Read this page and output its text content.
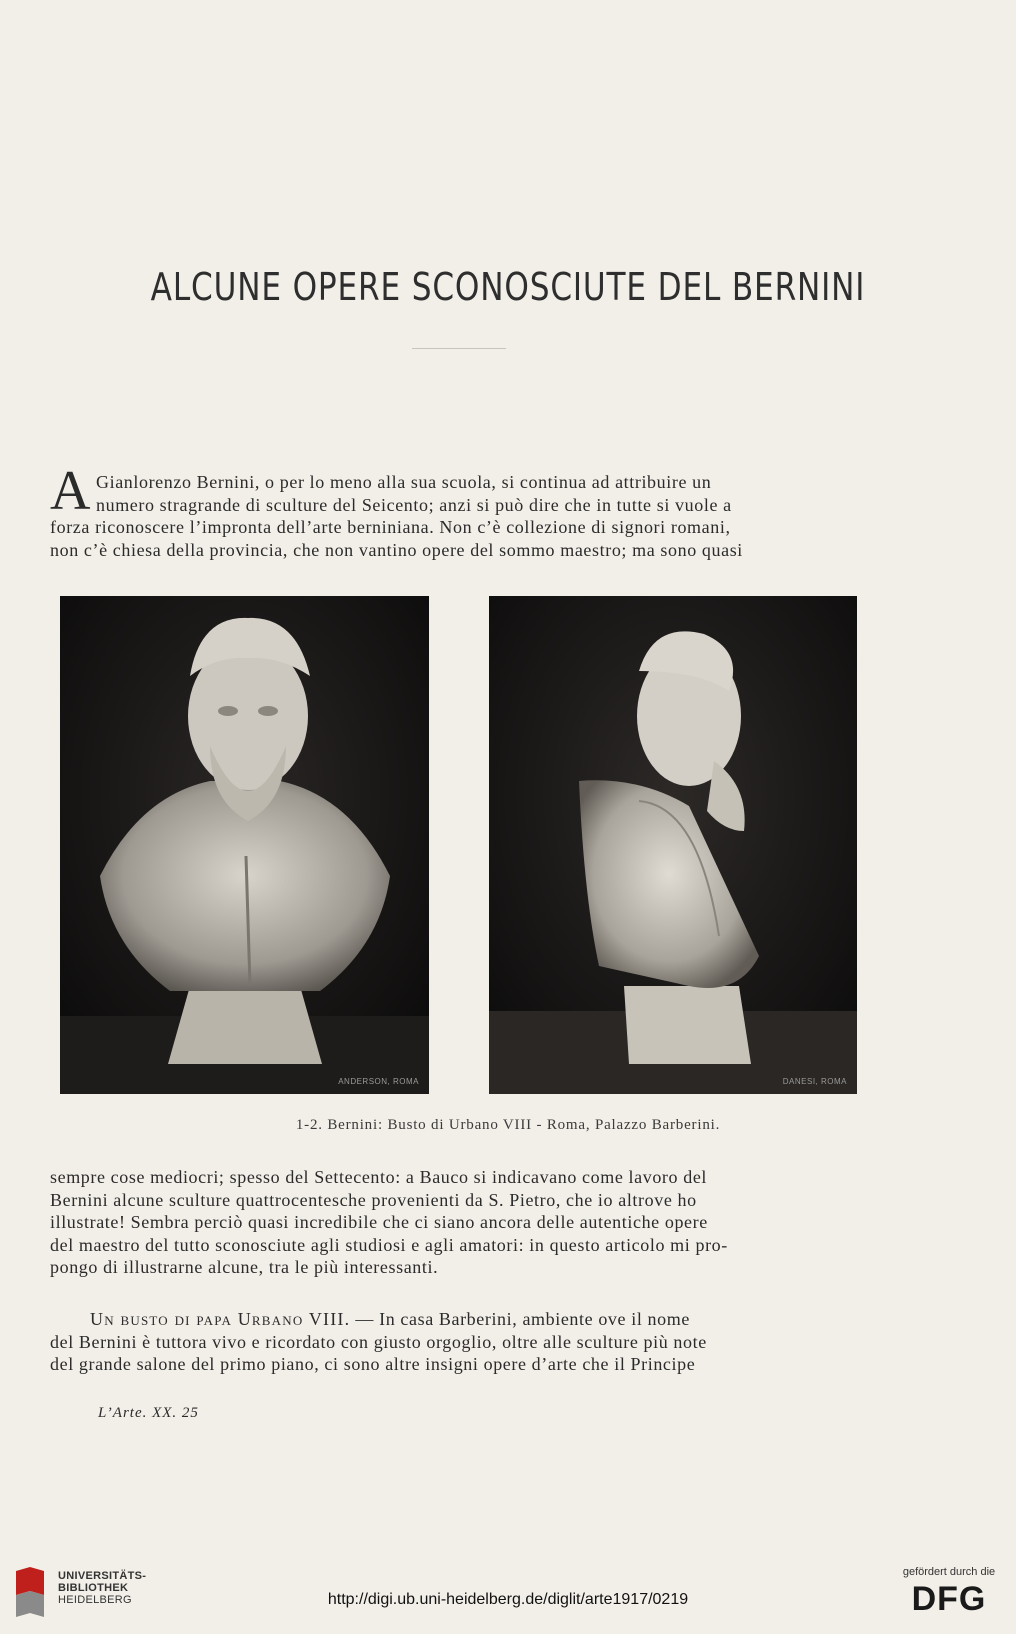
ALCUNE OPERE SCONOSCIUTE DEL BERNINI
A Gianlorenzo Bernini, o per lo meno alla sua scuola, si continua ad attribuire un
numero stragrande di sculture del Seicento; anzi si può dire che in tutte si vuole a
forza riconoscere l’impronta dell’arte berniniana. Non c’è collezione di signori romani,
non c’è chiesa della provincia, che non vantino opere del sommo maestro; ma sono quasi

ANDERSON, ROMA	DANESI, ROMA

1-2. Bernini: Busto di Urbano VIII - Roma, Palazzo Barberini.

sempre cose mediocri; spesso del Settecento: a Bauco si indicavano come lavoro del
Bernini alcune sculture quattrocentesche provenienti da S. Pietro, che io altrove ho
illustrate! Sembra perciò quasi incredibile che ci siano ancora delle autentiche opere
del maestro del tutto sconosciute agli studiosi e agli amatori: in questo articolo mi pro-
pongo di illustrarne alcune, tra le più interessanti.

Un busto di papa Urbano VIII. — In casa Barberini, ambiente ove il nome
del Bernini è tuttora vivo e ricordato con giusto orgoglio, oltre alle sculture più note
del grande salone del primo piano, ci sono altre insigni opere d’arte che il Principe

L’Arte. XX. 25
UNIVERSITÄTS-
BIBLIOTHEK
HEIDELBERG	http://digi.ub.uni-heidelberg.de/diglit/arte1917/0219
gefördert durch die
DFG
